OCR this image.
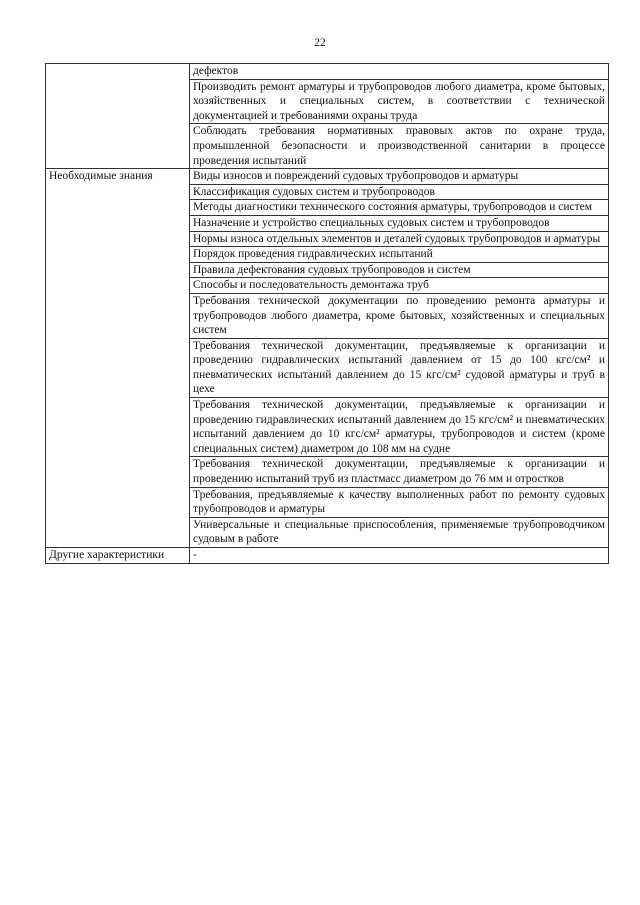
22

	дефектов

	Производить ремонт арматуры и трубопроводов любого диаметра, кроме бытовых, хозяйственных и специальных систем, в соответствии с технической документацией и требованиями охраны труда

	Соблюдать требования нормативных правовых актов по охране труда, промышленной безопасности и производственной санитарии в процессе проведения испытаний

Необходимые знания	Виды износов и повреждений судовых трубопроводов и арматуры

	Классификация судовых систем и трубопроводов

	Методы диагностики технического состояния арматуры, трубопроводов и систем

	Назначение и устройство специальных судовых систем и трубопроводов

	Нормы износа отдельных элементов и деталей судовых трубопроводов и арматуры

	Порядок проведения гидравлических испытаний

	Правила дефектования судовых трубопроводов и систем

	Способы и последовательность демонтажа труб

	Требования технической документации по проведению ремонта арматуры и трубопроводов любого диаметра, кроме бытовых, хозяйственных и специальных систем

	Требования технической документации, предъявляемые к организации и проведению гидравлических испытаний давлением от 15 до 100 кгс/см² и пневматических испытаний давлением до 15 кгс/см² судовой арматуры и труб в цехе

	Требования технической документации, предъявляемые к организации и проведению гидравлических испытаний давлением до 15 кгс/см² и пневматических испытаний давлением до 10 кгс/см² арматуры, трубопроводов и систем (кроме специальных систем) диаметром до 108 мм на судне

	Требования технической документации, предъявляемые к организации и проведению испытаний труб из пластмасс диаметром до 76 мм и отростков

	Требования, предъявляемые к качеству выполненных работ по ремонту судовых трубопроводов и арматуры

	Универсальные и специальные приспособления, применяемые трубопроводчиком судовым в работе

Другие характеристики	-
